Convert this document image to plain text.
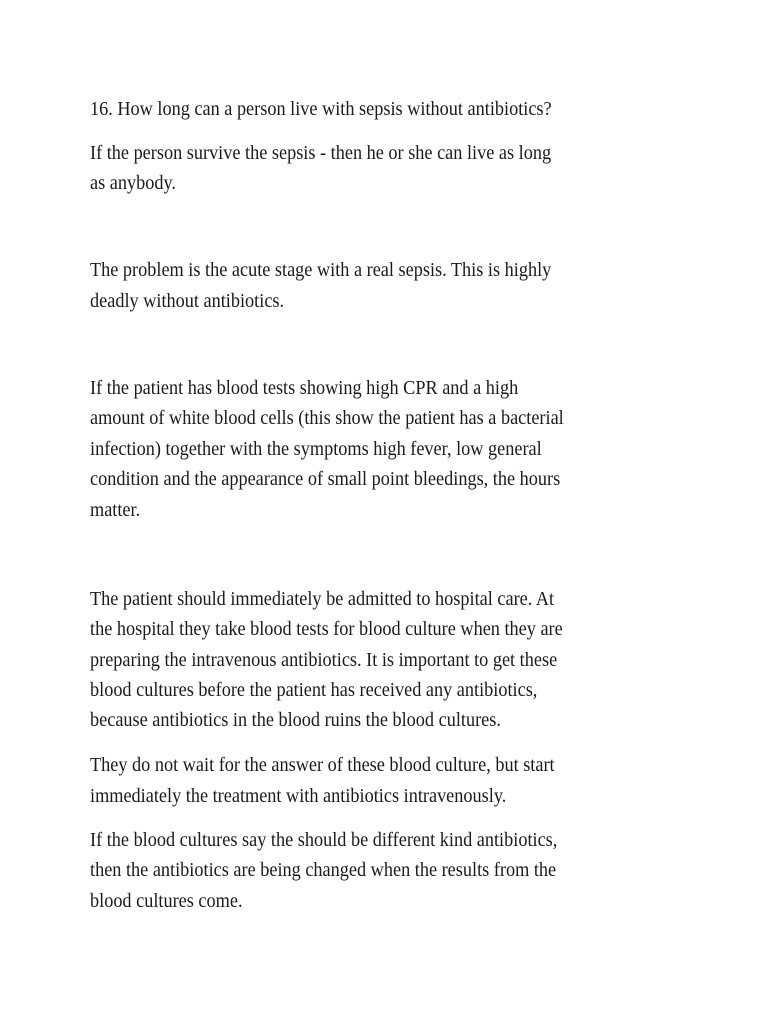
16. How long can a person live with sepsis without antibiotics?

If the person survive the sepsis - then he or she can live as long

as anybody.

The problem is the acute stage with a real sepsis. This is highly

deadly without antibiotics.

If the patient has blood tests showing high CPR and a high

amount of white blood cells (this show the patient has a bacterial

infection) together with the symptoms high fever, low general

condition and the appearance of small point bleedings, the hours

matter.

The patient should immediately be admitted to hospital care. At

the hospital they take blood tests for blood culture when they are

preparing the intravenous antibiotics. It is important to get these

blood cultures before the patient has received any antibiotics,

because antibiotics in the blood ruins the blood cultures.

They do not wait for the answer of these blood culture, but start

immediately the treatment with antibiotics intravenously.

If the blood cultures say the should be different kind antibiotics,

then the antibiotics are being changed when the results from the

blood cultures come.
